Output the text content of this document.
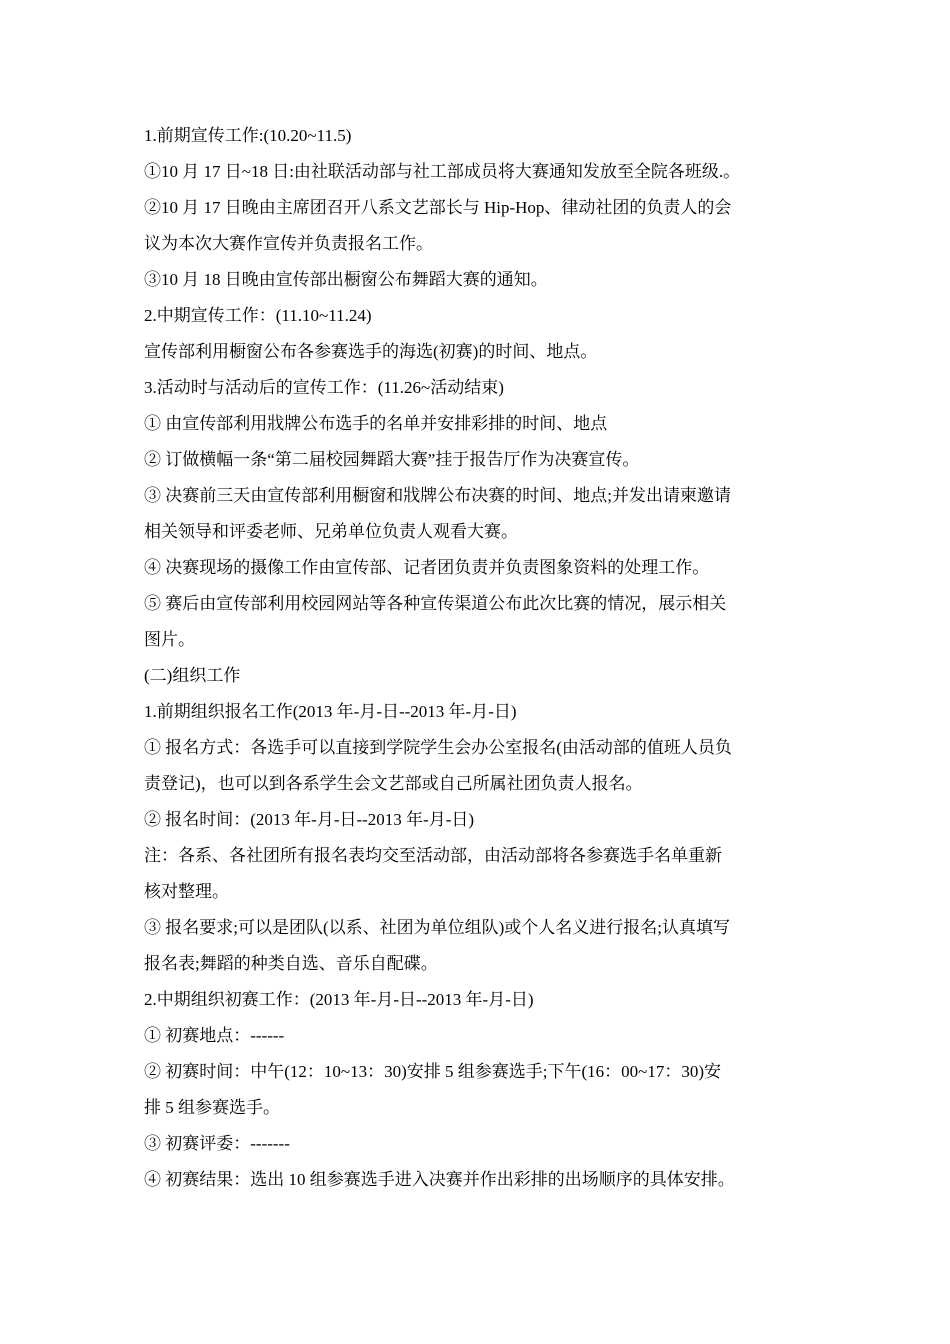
1.前期宣传工作:(10.20~11.5)

①10 月 17 日~18 日:由社联活动部与社工部成员将大赛通知发放至全院各班级.。

②10 月 17 日晚由主席团召开八系文艺部长与 Hip-Hop、律动社团的负责人的会

议为本次大赛作宣传并负责报名工作。

③10 月 18 日晚由宣传部出橱窗公布舞蹈大赛的通知。

2.中期宣传工作：(11.10~11.24)

宣传部利用橱窗公布各参赛选手的海选(初赛)的时间、地点。

3.活动时与活动后的宣传工作：(11.26~活动结束)

① 由宣传部利用戕牌公布选手的名单并安排彩排的时间、地点

② 订做横幅一条“第二届校园舞蹈大赛”挂于报告厅作为决赛宣传。

③ 决赛前三天由宣传部利用橱窗和戕牌公布决赛的时间、地点;并发出请柬邀请

相关领导和评委老师、兄弟单位负责人观看大赛。

④ 决赛现场的摄像工作由宣传部、记者团负责并负责图象资料的处理工作。

⑤ 赛后由宣传部利用校园网站等各种宣传渠道公布此次比赛的情况，展示相关

图片。

(二)组织工作

1.前期组织报名工作(2013 年-月-日--2013 年-月-日)

① 报名方式：各选手可以直接到学院学生会办公室报名(由活动部的值班人员负

责登记)，也可以到各系学生会文艺部或自己所属社团负责人报名。

② 报名时间：(2013 年-月-日--2013 年-月-日)

注：各系、各社团所有报名表均交至活动部，由活动部将各参赛选手名单重新

核对整理。

③ 报名要求;可以是团队(以系、社团为单位组队)或个人名义进行报名;认真填写

报名表;舞蹈的种类自选、音乐自配碟。

2.中期组织初赛工作：(2013 年-月-日--2013 年-月-日)

① 初赛地点：------

② 初赛时间：中午(12：10~13：30)安排 5 组参赛选手;下午(16：00~17：30)安

排 5 组参赛选手。

③ 初赛评委：-------

④ 初赛结果：选出 10 组参赛选手进入决赛并作出彩排的出场顺序的具体安排。
